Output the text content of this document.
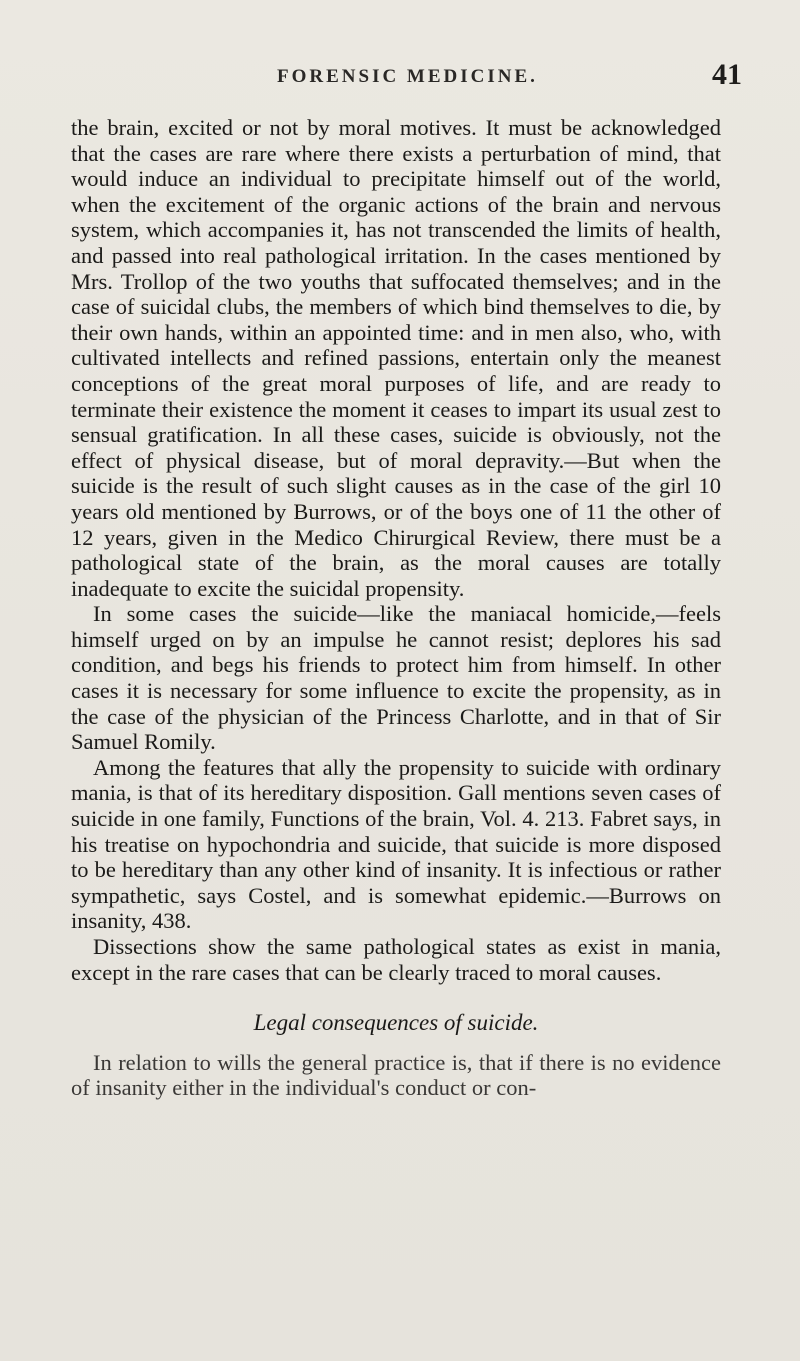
FORENSIC MEDICINE.	41

the brain, excited or not by moral motives. It must be acknowledged that the cases are rare where there exists a perturbation of mind, that would induce an individual to precipitate himself out of the world, when the excitement of the organic actions of the brain and nervous system, which accompanies it, has not transcended the limits of health, and passed into real pathological irritation. In the cases mentioned by Mrs. Trollop of the two youths that suffocated themselves; and in the case of suicidal clubs, the members of which bind themselves to die, by their own hands, within an appointed time: and in men also, who, with cultivated intellects and refined passions, entertain only the meanest conceptions of the great moral purposes of life, and are ready to terminate their existence the moment it ceases to impart its usual zest to sensual gratification. In all these cases, suicide is obviously, not the effect of physical disease, but of moral depravity.—But when the suicide is the result of such slight causes as in the case of the girl 10 years old mentioned by Burrows, or of the boys one of 11 the other of 12 years, given in the Medico Chirurgical Review, there must be a pathological state of the brain, as the moral causes are totally inadequate to excite the suicidal propensity.

In some cases the suicide—like the maniacal homicide,—feels himself urged on by an impulse he cannot resist; deplores his sad condition, and begs his friends to protect him from himself. In other cases it is necessary for some influence to excite the propensity, as in the case of the physician of the Princess Charlotte, and in that of Sir Samuel Romily.

Among the features that ally the propensity to suicide with ordinary mania, is that of its hereditary disposition. Gall mentions seven cases of suicide in one family, Functions of the brain, Vol. 4. 213. Fabret says, in his treatise on hypochondria and suicide, that suicide is more disposed to be hereditary than any other kind of insanity. It is infectious or rather sympathetic, says Costel, and is somewhat epidemic.—Burrows on insanity, 438.

Dissections show the same pathological states as exist in mania, except in the rare cases that can be clearly traced to moral causes.

Legal consequences of suicide.

In relation to wills the general practice is, that if there is no evidence of insanity either in the individual's conduct or con-
